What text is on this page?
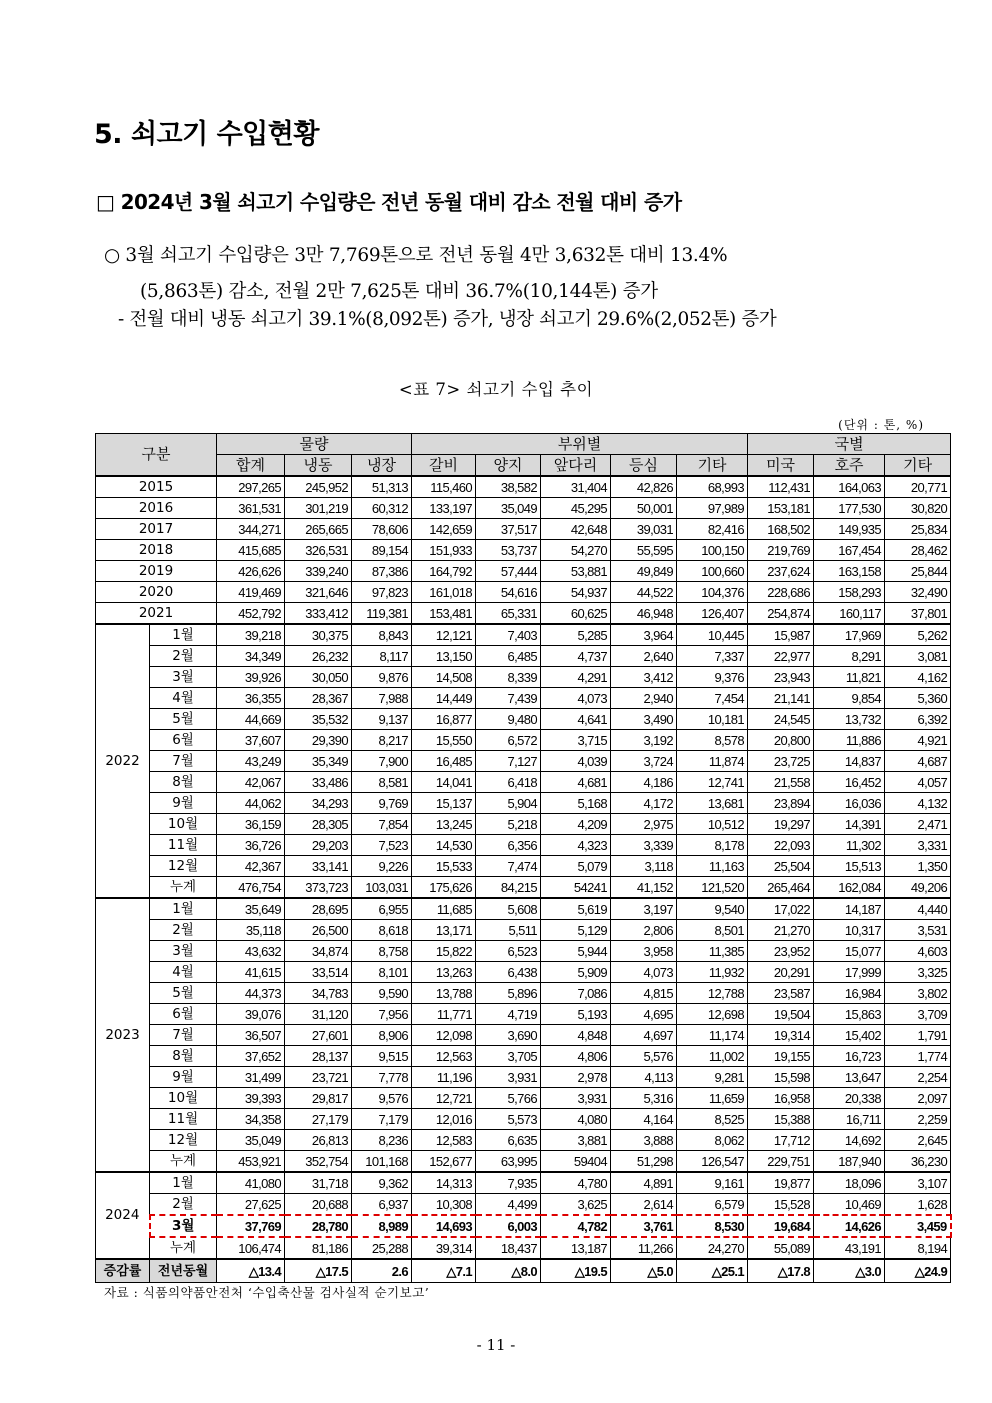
5. 쇠고기 수입현황
□ 2024년 3월 쇠고기 수입량은 전년 동월 대비 감소 전월 대비 증가
○ 3월 쇠고기 수입량은 3만 7,769톤으로 전년 동월 4만 3,632톤 대비 13.4%
(5,863톤) 감소, 전월 2만 7,625톤 대비 36.7%(10,144톤) 증가
- 전월 대비 냉동 쇠고기 39.1%(8,092톤) 증가, 냉장 쇠고기 29.6%(2,052톤) 증가
<표 7> 쇠고기 수입 추이
(단위 : 톤, %)
구분		물량			부위별					국별		
		합계	냉동	냉장	갈비	양지	앞다리	등심	기타	미국	호주	기타
2015		297,265	245,952	51,313	115,460	38,582	31,404	42,826	68,993	112,431	164,063	20,771
2016		361,531	301,219	60,312	133,197	35,049	45,295	50,001	97,989	153,181	177,530	30,820
2017		344,271	265,665	78,606	142,659	37,517	42,648	39,031	82,416	168,502	149,935	25,834
2018		415,685	326,531	89,154	151,933	53,737	54,270	55,595	100,150	219,769	167,454	28,462
2019		426,626	339,240	87,386	164,792	57,444	53,881	49,849	100,660	237,624	163,158	25,844
2020		419,469	321,646	97,823	161,018	54,616	54,937	44,522	104,376	228,686	158,293	32,490
2021		452,792	333,412	119,381	153,481	65,331	60,625	46,948	126,407	254,874	160,117	37,801
2022	1월	39,218	30,375	8,843	12,121	7,403	5,285	3,964	10,445	15,987	17,969	5,262
	2월	34,349	26,232	8,117	13,150	6,485	4,737	2,640	7,337	22,977	8,291	3,081
	3월	39,926	30,050	9,876	14,508	8,339	4,291	3,412	9,376	23,943	11,821	4,162
	4월	36,355	28,367	7,988	14,449	7,439	4,073	2,940	7,454	21,141	9,854	5,360
	5월	44,669	35,532	9,137	16,877	9,480	4,641	3,490	10,181	24,545	13,732	6,392
	6월	37,607	29,390	8,217	15,550	6,572	3,715	3,192	8,578	20,800	11,886	4,921
	7월	43,249	35,349	7,900	16,485	7,127	4,039	3,724	11,874	23,725	14,837	4,687
	8월	42,067	33,486	8,581	14,041	6,418	4,681	4,186	12,741	21,558	16,452	4,057
	9월	44,062	34,293	9,769	15,137	5,904	5,168	4,172	13,681	23,894	16,036	4,132
	10월	36,159	28,305	7,854	13,245	5,218	4,209	2,975	10,512	19,297	14,391	2,471
	11월	36,726	29,203	7,523	14,530	6,356	4,323	3,339	8,178	22,093	11,302	3,331
	12월	42,367	33,141	9,226	15,533	7,474	5,079	3,118	11,163	25,504	15,513	1,350
	누계	476,754	373,723	103,031	175,626	84,215	54241	41,152	121,520	265,464	162,084	49,206
2023	1월	35,649	28,695	6,955	11,685	5,608	5,619	3,197	9,540	17,022	14,187	4,440
	2월	35,118	26,500	8,618	13,171	5,511	5,129	2,806	8,501	21,270	10,317	3,531
	3월	43,632	34,874	8,758	15,822	6,523	5,944	3,958	11,385	23,952	15,077	4,603
	4월	41,615	33,514	8,101	13,263	6,438	5,909	4,073	11,932	20,291	17,999	3,325
	5월	44,373	34,783	9,590	13,788	5,896	7,086	4,815	12,788	23,587	16,984	3,802
	6월	39,076	31,120	7,956	11,771	4,719	5,193	4,695	12,698	19,504	15,863	3,709
	7월	36,507	27,601	8,906	12,098	3,690	4,848	4,697	11,174	19,314	15,402	1,791
	8월	37,652	28,137	9,515	12,563	3,705	4,806	5,576	11,002	19,155	16,723	1,774
	9월	31,499	23,721	7,778	11,196	3,931	2,978	4,113	9,281	15,598	13,647	2,254
	10월	39,393	29,817	9,576	12,721	5,766	3,931	5,316	11,659	16,958	20,338	2,097
	11월	34,358	27,179	7,179	12,016	5,573	4,080	4,164	8,525	15,388	16,711	2,259
	12월	35,049	26,813	8,236	12,583	6,635	3,881	3,888	8,062	17,712	14,692	2,645
	누계	453,921	352,754	101,168	152,677	63,995	59404	51,298	126,547	229,751	187,940	36,230
2024	1월	41,080	31,718	9,362	14,313	7,935	4,780	4,891	9,161	19,877	18,096	3,107
	2월	27,625	20,688	6,937	10,308	4,499	3,625	2,614	6,579	15,528	10,469	1,628
	3월	37,769	28,780	8,989	14,693	6,003	4,782	3,761	8,530	19,684	14,626	3,459
	누계	106,474	81,186	25,288	39,314	18,437	13,187	11,266	24,270	55,089	43,191	8,194
증감률	전년동월	△13.4	△17.5	2.6	△7.1	△8.0	△19.5	△5.0	△25.1	△17.8	△3.0	△24.9
자료 : 식품의약품안전처 ‘수입축산물 검사실적 순기보고’
- 11 -
